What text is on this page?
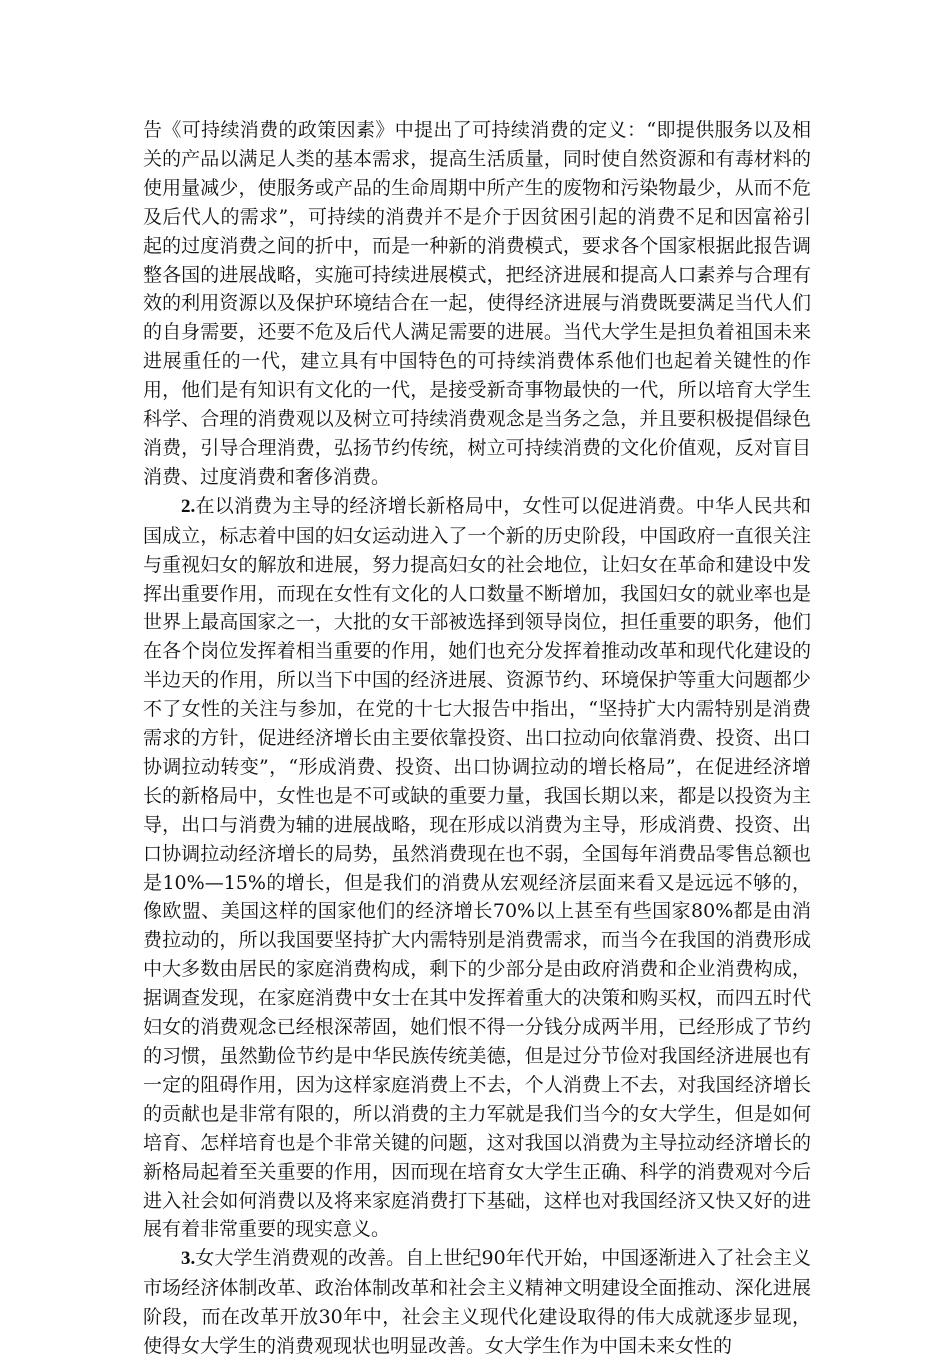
告《可持续消费的政策因素》中提出了可持续消费的定义：“即提供服务以及相关的产品以满足人类的基本需求，提高生活质量，同时使自然资源和有毒材料的使用量减少，使服务或产品的生命周期中所产生的废物和污染物最少，从而不危及后代人的需求”，可持续的消费并不是介于因贫困引起的消费不足和因富裕引起的过度消费之间的折中，而是一种新的消费模式，要求各个国家根据此报告调整各国的进展战略，实施可持续进展模式，把经济进展和提高人口素养与合理有效的利用资源以及保护环境结合在一起，使得经济进展与消费既要满足当代人们的自身需要，还要不危及后代人满足需要的进展。当代大学生是担负着祖国未来进展重任的一代，建立具有中国特色的可持续消费体系他们也起着关键性的作用，他们是有知识有文化的一代，是接受新奇事物最快的一代，所以培育大学生科学、合理的消费观以及树立可持续消费观念是当务之急，并且要积极提倡绿色消费，引导合理消费，弘扬节约传统，树立可持续消费的文化价值观，反对盲目消费、过度消费和奢侈消费。

2.在以消费为主导的经济增长新格局中，女性可以促进消费。中华人民共和国成立，标志着中国的妇女运动进入了一个新的历史阶段，中国政府一直很关注与重视妇女的解放和进展，努力提高妇女的社会地位，让妇女在革命和建设中发挥出重要作用，而现在女性有文化的人口数量不断增加，我国妇女的就业率也是世界上最高国家之一，大批的女干部被选择到领导岗位，担任重要的职务，他们在各个岗位发挥着相当重要的作用，她们也充分发挥着推动改革和现代化建设的半边天的作用，所以当下中国的经济进展、资源节约、环境保护等重大问题都少不了女性的关注与参加，在党的十七大报告中指出，“坚持扩大内需特别是消费需求的方针，促进经济增长由主要依靠投资、出口拉动向依靠消费、投资、出口协调拉动转变”，“形成消费、投资、出口协调拉动的增长格局”，在促进经济增长的新格局中，女性也是不可或缺的重要力量，我国长期以来，都是以投资为主导，出口与消费为辅的进展战略，现在形成以消费为主导，形成消费、投资、出口协调拉动经济增长的局势，虽然消费现在也不弱，全国每年消费品零售总额也是10%—15%的增长，但是我们的消费从宏观经济层面来看又是远远不够的，像欧盟、美国这样的国家他们的经济增长70%以上甚至有些国家80%都是由消费拉动的，所以我国要坚持扩大内需特别是消费需求，而当今在我国的消费形成中大多数由居民的家庭消费构成，剩下的少部分是由政府消费和企业消费构成，据调查发现，在家庭消费中女士在其中发挥着重大的决策和购买权，而四五时代妇女的消费观念已经根深蒂固，她们恨不得一分钱分成两半用，已经形成了节约的习惯，虽然勤俭节约是中华民族传统美德，但是过分节俭对我国经济进展也有一定的阻碍作用，因为这样家庭消费上不去，个人消费上不去，对我国经济增长的贡献也是非常有限的，所以消费的主力军就是我们当今的女大学生，但是如何培育、怎样培育也是个非常关键的问题，这对我国以消费为主导拉动经济增长的新格局起着至关重要的作用，因而现在培育女大学生正确、科学的消费观对今后进入社会如何消费以及将来家庭消费打下基础，这样也对我国经济又快又好的进展有着非常重要的现实意义。

3.女大学生消费观的改善。自上世纪90年代开始，中国逐渐进入了社会主义市场经济体制改革、政治体制改革和社会主义精神文明建设全面推动、深化进展阶段，而在改革开放30年中，社会主义现代化建设取得的伟大成就逐步显现，使得女大学生的消费观现状也明显改善。女大学生作为中国未来女性的
